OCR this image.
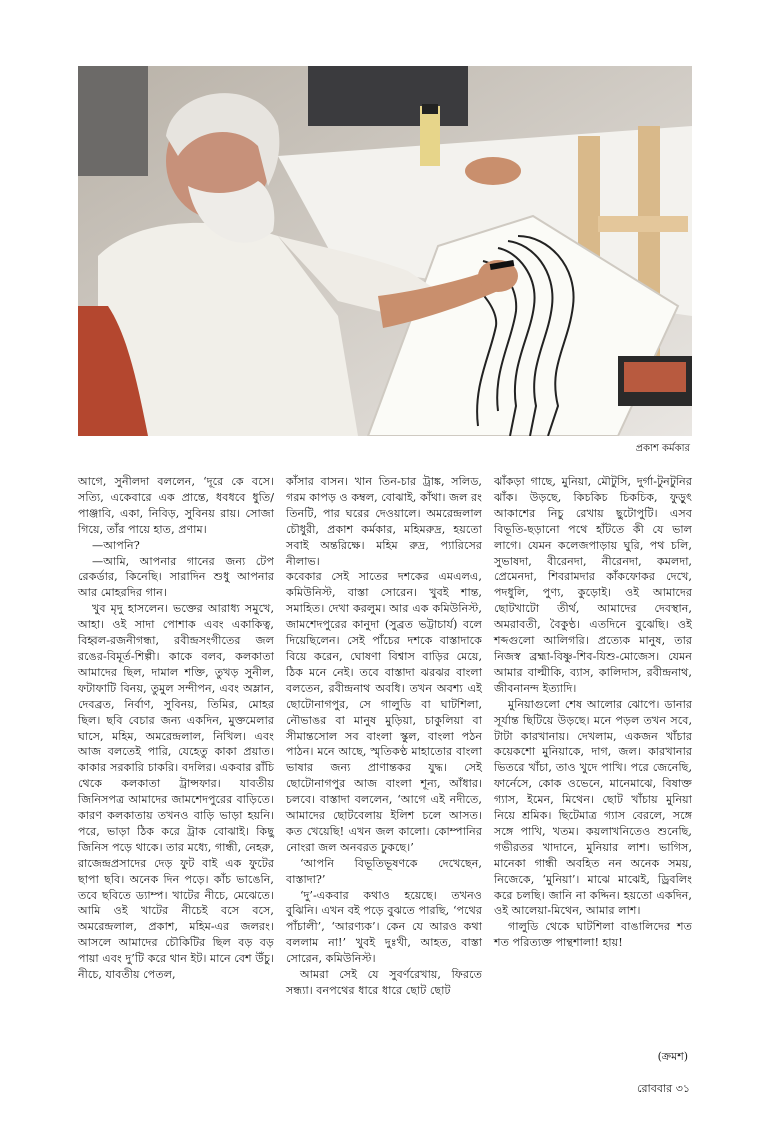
প্রকাশ কর্মকার

আগে, সুনীলদা বললেন, ‘দূরে কে বসে। সত্যি, একেবারে এক প্রান্তে, ধবধবে ধুতি/পাঞ্জাবি, একা, নিবিড়, সুবিনয় রায়। সোজা গিয়ে, তাঁর পায়ে হাত, প্রণাম।

—আপনি?

—আমি, আপনার গানের জন্য টেপ রেকর্ডার, কিনেছি। সারাদিন শুধু আপনার আর মোহরদির গান।

খুব মৃদু হাসলেন। ভক্তের আরাধ্য সমুখে, আহা। ওই সাদা পোশাক এবং একাকিত্ব, বিহ্বল-রজনীগন্ধা, রবীন্দ্রসংগীতের জল রঙের-বিমূর্ত-শিল্পী। কাকে বলব, কলকাতা আমাদের ছিল, দামাল শক্তি, তুখড় সুনীল, ফটাফাটি বিনয়, তুমুল সন্দীপন, এবং অম্লান, দেবব্রত, নির্বাণ, সুবিনয়, তিমির, মোহর ছিল। ছবি বেচার জন্য একদিন, মুক্তমেলার ঘাসে, মহিম, অমরেন্দ্রলাল, নিখিল। এবং আজ বলতেই পারি, যেহেতু কাকা প্রয়াত। কাকার সরকারি চাকরি। বদলির। একবার রাঁচি থেকে কলকাতা ট্রান্সফার। যাবতীয় জিনিসপত্র আমাদের জামশেদপুরের বাড়িতে। কারণ কলকাতায় তখনও বাড়ি ভাড়া হয়নি। পরে, ভাড়া ঠিক করে ট্রাক বোঝাই। কিছু জিনিস পড়ে থাকে। তার মধ্যে, গান্ধী, নেহরু, রাজেন্দ্রপ্রসাদের দেড় ফুট বাই এক ফুটের ছাপা ছবি। অনেক দিন পড়ে। কাঁচ ভাঙেনি, তবে ছবিতে ড্যাম্প। খাটের নীচে, মেঝেতে। আমি ওই খাটের নীচেই বসে বসে, অমরেন্দ্রলাল, প্রকাশ, মহিম-এর জলরং। আসলে আমাদের চৌকিটির ছিল বড় বড় পায়া এবং দু’টি করে থান ইট। মানে বেশ উঁচু। নীচে, যাবতীয় পেতল,

কাঁসার বাসন। খান তিন-চার ট্রাঙ্ক, সলিড, গরম কাপড় ও কম্বল, বোঝাই, কাঁথা। জল রং তিনটি, পার ঘরের দেওয়ালে। অমরেন্দ্রলাল চৌধুরী, প্রকাশ কর্মকার, মহিমরুদ্র, হয়তো সবাই অন্তরিক্ষে। মহিম রুদ্র, প্যারিসের নীলাভ।

কবেকার সেই সাতের দশকের এমএলএ, কমিউনিস্ট, বাস্তা সোরেন। খুবই শান্ত, সমাহিত। দেখা করলুম। আর এক কমিউনিস্ট, জামশেদপুরের কানুদা (সুব্রত ভট্টাচার্য) বলে দিয়েছিলেন। সেই পাঁচের দশকে বাস্তাদাকে বিয়ে করেন, ঘোষণা বিশ্বাস বাড়ির মেয়ে, ঠিক মনে নেই। তবে বাস্তাদা ঝরঝর বাংলা বলতেন, রবীন্দ্রনাথ অবধি। তখন অবশ্য এই ছোটোনাগপুর, সে গালুডি বা ঘাটশিলা, নৌভাঙর বা মানুষ মুড়িয়া, চাকুলিয়া বা সীমান্তসোল সব বাংলা স্কুল, বাংলা পঠন পাঠন। মনে আছে, স্মৃতিকণ্ঠ মাহাতোর বাংলা ভাষার জন্য প্রাণান্তকর যুদ্ধ। সেই ছোটোনাগপুর আজ বাংলা শূন্য, আঁধার। চলবে। বাস্তাদা বললেন, ‘আগে এই নদীতে, আমাদের ছোটবেলায় ইলিশ চলে আসত। কত খেয়েছি! এখন জল কালো। কোম্পানির নোংরা জল অনবরত ঢুকছে।’

‘আপনি বিভূতিভূষণকে দেখেছেন, বাস্তাদা?’

‘দু’-একবার কথাও হয়েছে। তখনও বুঝিনি। এখন বই পড়ে বুঝতে পারছি, ‘পথের পাঁচালী’, ‘আরণ্যক’। কেন যে আরও কথা বললাম না!’ খুবই দুঃখী, আহত, বাস্তা সোরেন, কমিউনিস্ট।

আমরা সেই যে সুবর্ণরেখায়, ফিরতে সন্ধ্যা। বনপথের ধারে ধারে ছোট ছোট

ঝাঁকড়া গাছে, মুনিয়া, মৌটুসি, দুর্গা-টুনটুনির ঝাঁক। উড়ছে, কিচকিচ চিকচিক, ফুড়ুৎ আকাশের নিচু রেখায় ছুটোপুটি। এসব বিভূতি-ছড়ানো পথে হাঁটতে কী যে ভাল লাগে। যেমন কলেজপাড়ায় ঘুরি, পথ চলি, সুভাষদা, বীরেনদা, নীরেনদা, কমলদা, প্রেমেনদা, শিবরামদার কাঁকফোকর দেখে, পদধুলি, পুণ্য, কুড়োই। ওই আমাদের ছোটখাটো তীর্থ, আমাদের দেবস্থান, অমরাবতী, বৈকুণ্ঠ। এতদিনে বুঝেছি। ওই শব্দগুলো আলিগরি। প্রত্যেক মানুষ, তার নিজস্ব ব্রহ্মা-বিষ্ণু-শিব-যিশু-মোজেস। যেমন আমার বাল্মীকি, ব্যাস, কালিদাস, রবীন্দ্রনাথ, জীবনানন্দ ইত্যাদি।

মুনিয়াগুলো শেষ আলোর ঝোপে। ডানার সূর্যান্ত ছিটিয়ে উড়ছে। মনে পড়ল তখন সবে, টাটা কারখানায়। দেখলাম, একজন খাঁচার কয়েকশো মুনিয়াকে, দাগ, জল। কারখানার ভিতরে খাঁচা, তাও খুদে পাখি। পরে জেনেছি, ফার্নেসে, কোক ওভেনে, মানেমাঝে, বিষাক্ত গ্যাস, ইমেন, মিথেন। ছোট খাঁচায় মুনিয়া নিয়ে শ্রমিক। ছিটেমাত্র গ্যাস বেরলে, সঙ্গে সঙ্গে পাখি, খতম। কয়লাখনিতেও শুনেছি, গভীরতর খাদানে, মুনিয়ার লাশ। ভাগিস, মানেকা গান্ধী অবহিত নন অনেক সময়, নিজেকে, ‘মুনিয়া’। মাঝে মাঝেই, ড্রিবলিং করে চলছি। জানি না কদ্দিন। হয়তো একদিন, ওই আলেয়া-মিথেন, আমার লাশ।

গালুডি থেকে ঘাটশিলা বাঙালিদের শত শত পরিত্যক্ত পান্থশালা! হায়!

(ক্রমশ)
রোববার ৩১
